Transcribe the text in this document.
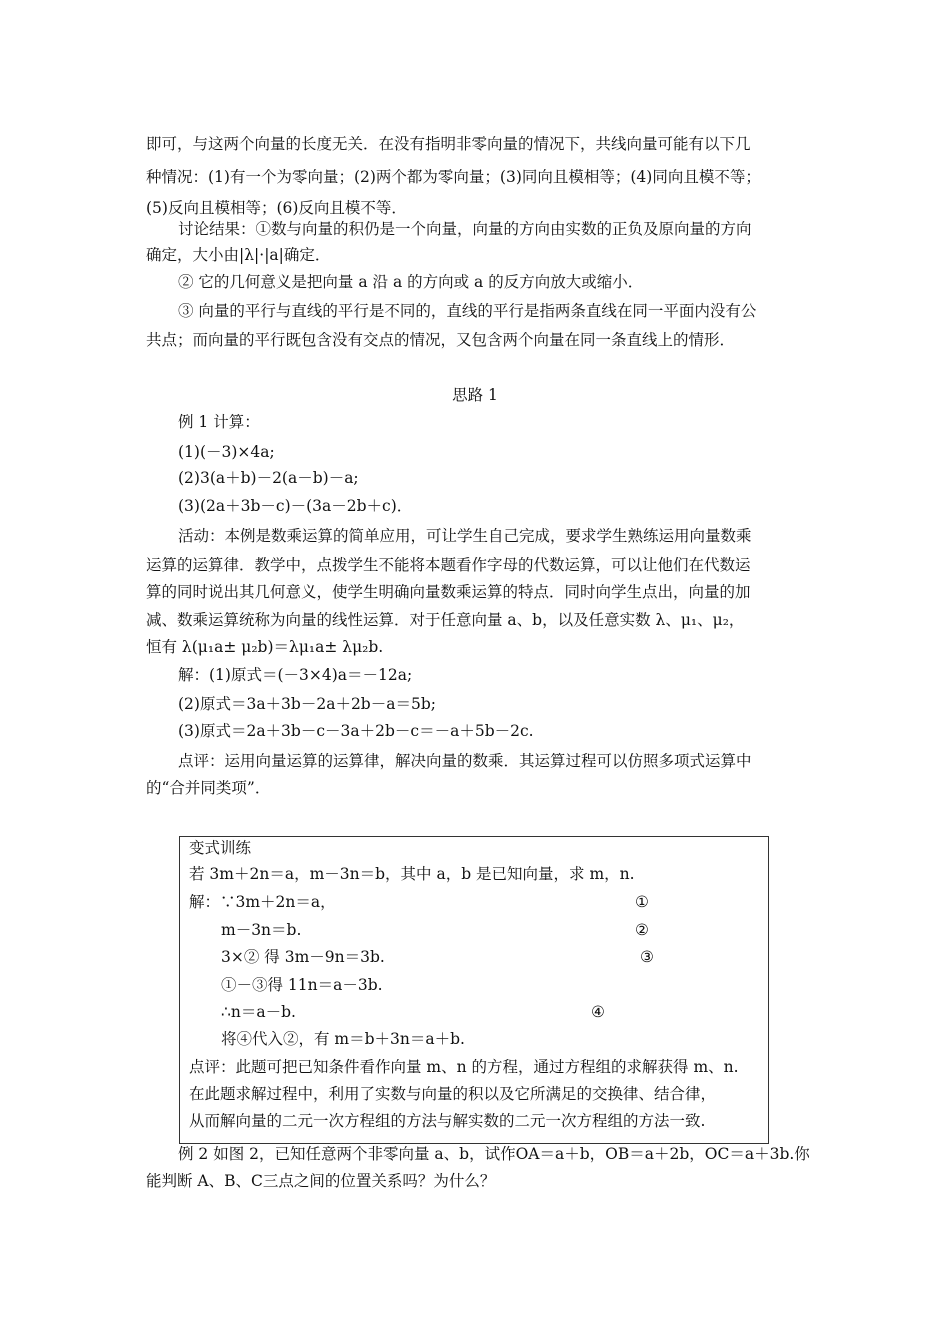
即可，与这两个向量的长度无关．在没有指明非零向量的情况下，共线向量可能有以下几
种情况：(1)有一个为零向量；(2)两个都为零向量；(3)同向且模相等；(4)同向且模不等；
(5)反向且模相等；(6)反向且模不等．
讨论结果：①数与向量的积仍是一个向量，向量的方向由实数的正负及原向量的方向
确定，大小由|λ|·|a|确定．
② 它的几何意义是把向量 a 沿 a 的方向或 a 的反方向放大或缩小．
③ 向量的平行与直线的平行是不同的，直线的平行是指两条直线在同一平面内没有公
共点；而向量的平行既包含没有交点的情况，又包含两个向量在同一条直线上的情形．
思路 1
例 1 计算：
(1)(－3)×4a;
(2)3(a＋b)－2(a－b)－a;
(3)(2a＋3b－c)－(3a－2b＋c)．
活动：本例是数乘运算的简单应用，可让学生自己完成，要求学生熟练运用向量数乘
运算的运算律．教学中，点拨学生不能将本题看作字母的代数运算，可以让他们在代数运
算的同时说出其几何意义，使学生明确向量数乘运算的特点．同时向学生点出，向量的加
减、数乘运算统称为向量的线性运算．对于任意向量 a、b，以及任意实数 λ、μ₁、μ₂，
恒有 λ(μ₁a± μ₂b)＝λμ₁a± λμ₂b.
解：(1)原式＝(－3×4)a＝－12a;
(2)原式＝3a＋3b－2a＋2b－a＝5b;
(3)原式＝2a＋3b－c－3a＋2b－c＝－a＋5b－2c.
点评：运用向量运算的运算律，解决向量的数乘．其运算过程可以仿照多项式运算中
的“合并同类项”．
变式训练
若 3m＋2n＝a，m－3n＝b，其中 a，b 是已知向量，求 m，n.
解：∵3m＋2n＝a，	①
m－3n＝b.	②
3×② 得 3m－9n＝3b.	③
①－③得 11n＝a－3b.
∴n＝a－b.	④
将④代入②，有 m＝b＋3n＝a＋b.
点评：此题可把已知条件看作向量 m、n 的方程，通过方程组的求解获得 m、n.
在此题求解过程中，利用了实数与向量的积以及它所满足的交换律、结合律，
从而解向量的二元一次方程组的方法与解实数的二元一次方程组的方法一致.
例 2 如图 2，已知任意两个非零向量 a、b，试作OA＝a＋b，OB＝a＋2b，OC＝a＋3b.你
能判断 A、B、C三点之间的位置关系吗？为什么？
